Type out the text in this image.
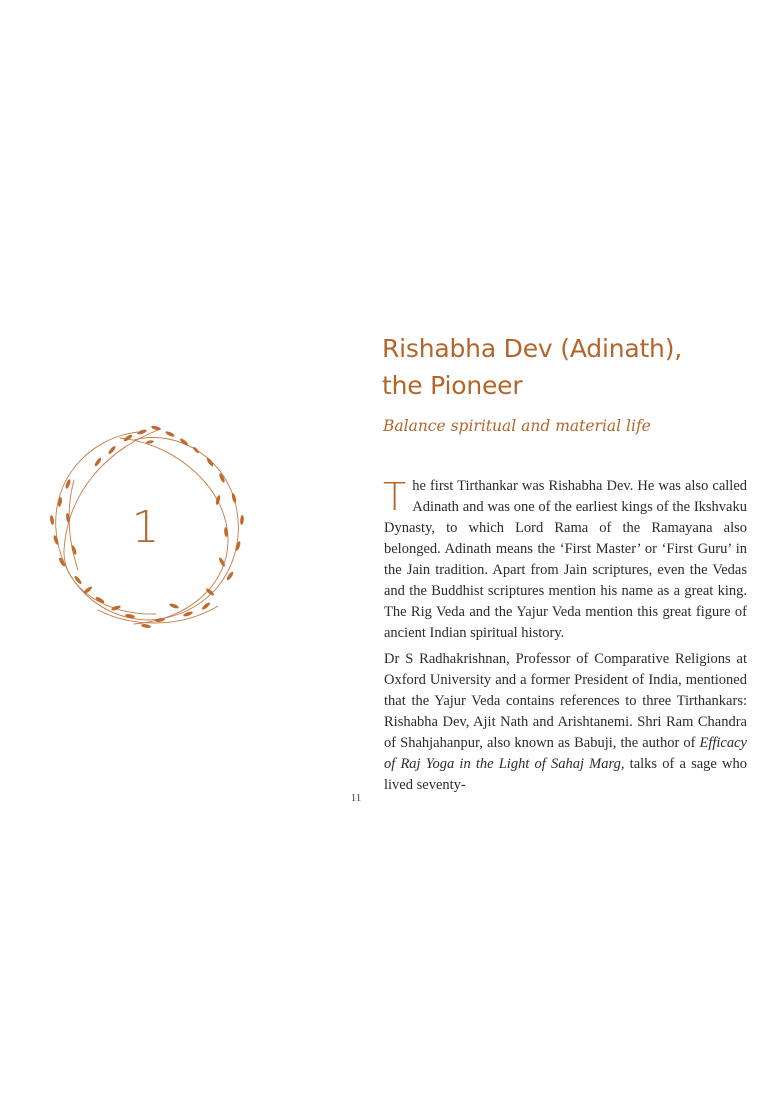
1
Rishabha Dev (Adinath), the Pioneer

Balance spiritual and material life

The first Tirthankar was Rishabha Dev. He was also called Adinath and was one of the earliest kings of the Ikshvaku Dynasty, to which Lord Rama of the Ramayana also belonged. Adinath means the ‘First Master’ or ‘First Guru’ in the Jain tradition. Apart from Jain scriptures, even the Vedas and the Buddhist scriptures mention his name as a great king. The Rig Veda and the Yajur Veda mention this great figure of ancient Indian spiritual history.

Dr S Radhakrishnan, Professor of Comparative Religions at Oxford University and a former President of India, mentioned that the Yajur Veda contains references to three Tirthankars: Rishabha Dev, Ajit Nath and Arishtanemi. Shri Ram Chandra of Shahjahanpur, also known as Babuji, the author of Efficacy of Raj Yoga in the Light of Sahaj Marg, talks of a sage who lived seventy-

11
